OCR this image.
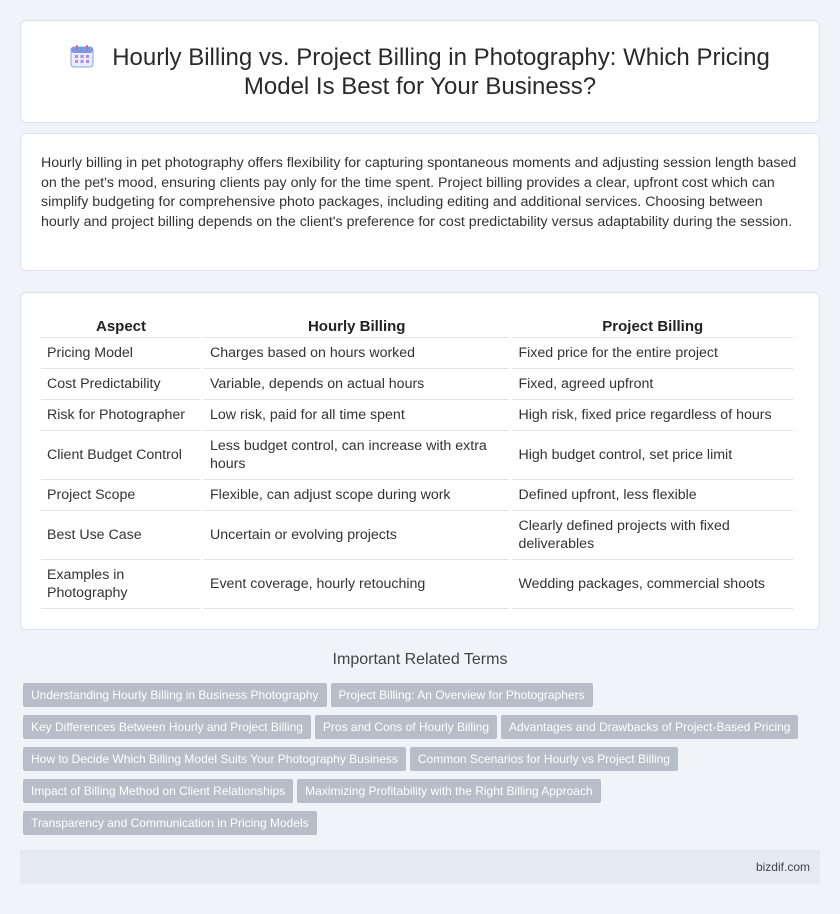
Hourly Billing vs. Project Billing in Photography: Which Pricing Model Is Best for Your Business?
Hourly billing in pet photography offers flexibility for capturing spontaneous moments and adjusting session length based on the pet's mood, ensuring clients pay only for the time spent. Project billing provides a clear, upfront cost which can simplify budgeting for comprehensive photo packages, including editing and additional services. Choosing between hourly and project billing depends on the client's preference for cost predictability versus adaptability during the session.
Aspect	Hourly Billing	Project Billing
Pricing Model	Charges based on hours worked	Fixed price for the entire project
Cost Predictability	Variable, depends on actual hours	Fixed, agreed upfront
Risk for Photographer	Low risk, paid for all time spent	High risk, fixed price regardless of hours
Client Budget Control	Less budget control, can increase with extra hours	High budget control, set price limit
Project Scope	Flexible, can adjust scope during work	Defined upfront, less flexible
Best Use Case	Uncertain or evolving projects	Clearly defined projects with fixed deliverables
Examples in Photography	Event coverage, hourly retouching	Wedding packages, commercial shoots
Important Related Terms
Understanding Hourly Billing in Business Photography Project Billing: An Overview for Photographers
Key Differences Between Hourly and Project Billing Pros and Cons of Hourly Billing Advantages and Drawbacks of Project-Based Pricing
How to Decide Which Billing Model Suits Your Photography Business Common Scenarios for Hourly vs Project Billing
Impact of Billing Method on Client Relationships Maximizing Profitability with the Right Billing Approach
Transparency and Communication in Pricing Models
bizdif.com
